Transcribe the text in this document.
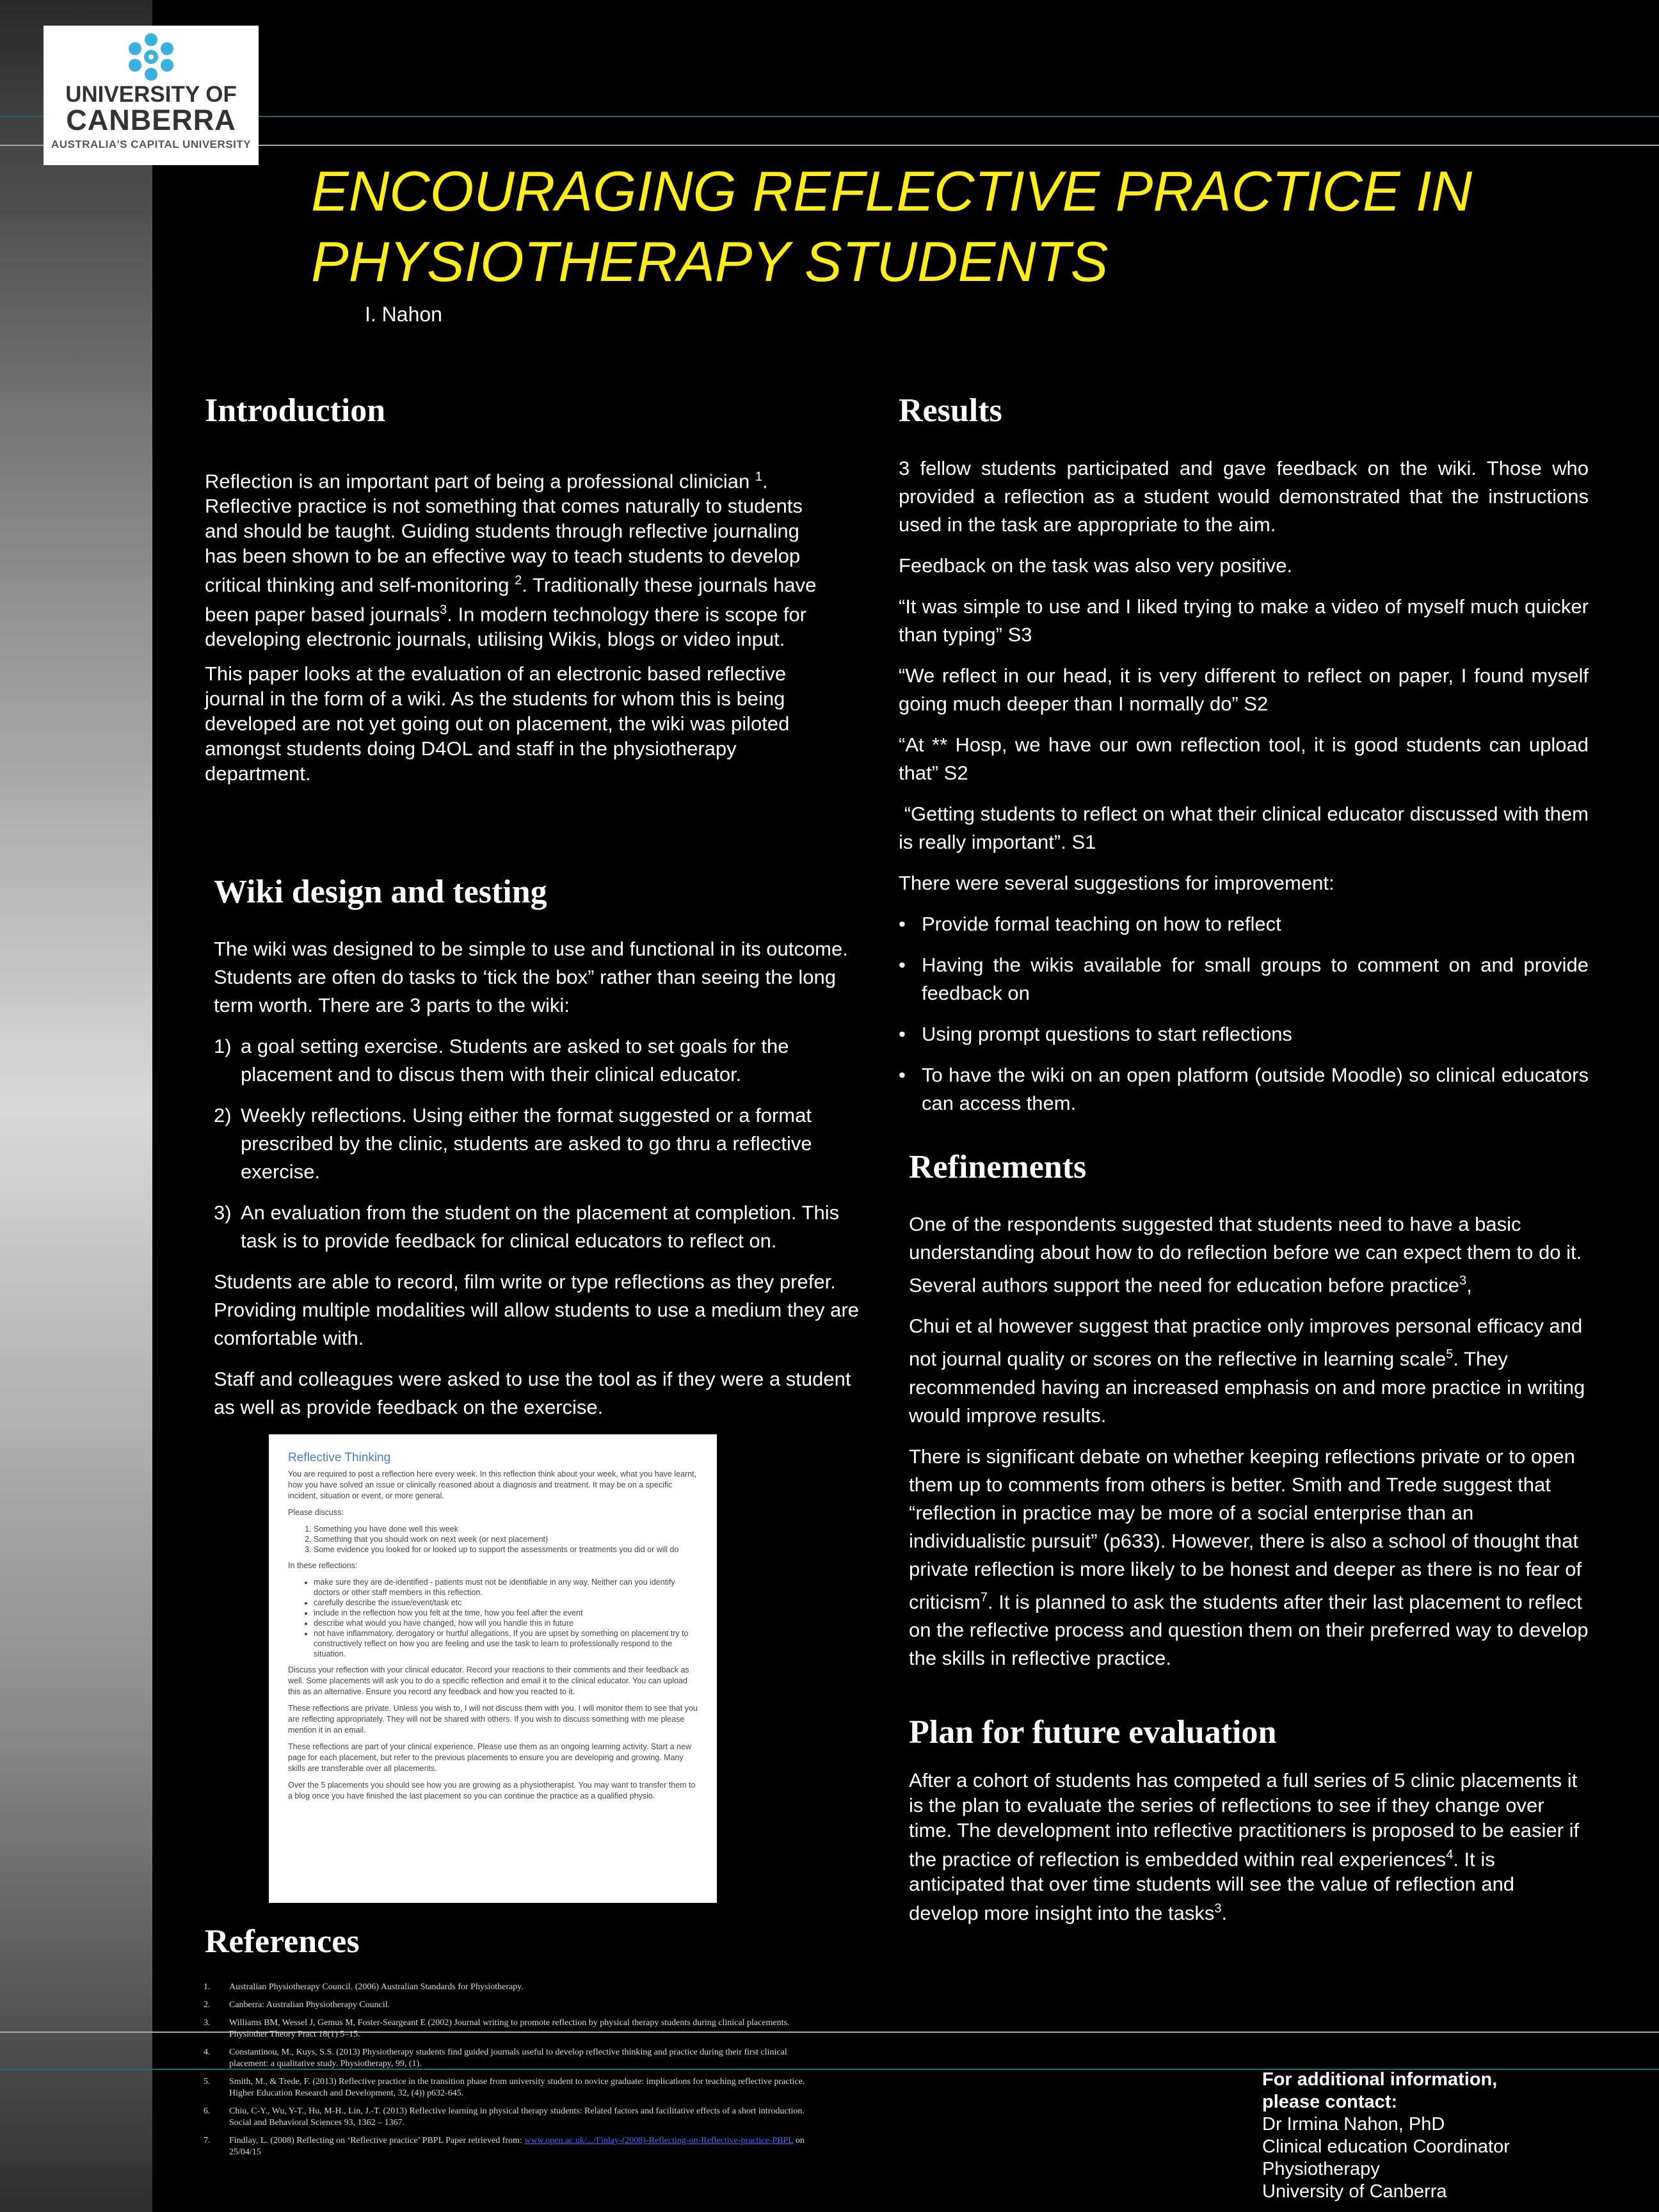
UNIVERSITY OF
CANBERRA
AUSTRALIA'S CAPITAL UNIVERSITY
ENCOURAGING REFLECTIVE PRACTICE IN
PHYSIOTHERAPY STUDENTS
I. Nahon
Introduction

Reflection is an important part of being a professional clinician $^1$. Reflective practice is not something that comes naturally to students and should be taught. Guiding students through reflective journaling has been shown to be an effective way to teach students to develop critical thinking and self-monitoring $^2$. Traditionally these journals have been paper based journals$^3$. In modern technology there is scope for developing electronic journals, utilising Wikis, blogs or video input.

This paper looks at the evaluation of an electronic based reflective journal in the form of a wiki. As the students for whom this is being developed are not yet going out on placement, the wiki was piloted amongst students doing D4OL and staff in the physiotherapy department.

Wiki design and testing

The wiki was designed to be simple to use and functional in its outcome. Students are often do tasks to ‘tick the box” rather than seeing the long term worth. There are 3 parts to the wiki:

1) a goal setting exercise. Students are asked to set goals for the placement and to discus them with their clinical educator.
2) Weekly reflections. Using either the format suggested or a format prescribed by the clinic, students are asked to go thru a reflective exercise.
3) An evaluation from the student on the placement at completion. This task is to provide feedback for clinical educators to reflect on.

Students are able to record, film write or type reflections as they prefer. Providing multiple modalities will allow students to use a medium they are comfortable with.

Staff and colleagues were asked to use the tool as if they were a student as well as provide feedback on the exercise.

Reflective Thinking

You are required to post a reflection here every week. In this reflection think about your week, what you have learnt, how you have solved an issue or clinically reasoned about a diagnosis and treatment. It may be on a specific incident, situation or event, or more general.

Please discuss:

1. Something you have done well this week
2. Something that you should work on next week (or next placement)
3. Some evidence you looked for or looked up to support the assessments or treatments you did or will do

In these reflections:

• make sure they are de-identified - patients must not be identifiable in any way. Neither can you identify doctors or other staff members in this reflection.
• carefully describe the issue/event/task etc
• include in the reflection how you felt at the time, how you feel after the event
• describe what would you have changed, how will you handle this in future
• not have inflammatory, derogatory or hurtful allegations. If you are upset by something on placement try to constructively reflect on how you are feeling and use the task to learn to professionally respond to the situation.

Discuss your reflection with your clinical educator. Record your reactions to their comments and their feedback as well. Some placements will ask you to do a specific reflection and email it to the clinical educator. You can upload this as an alternative. Ensure you record any feedback and how you reacted to it.

These reflections are private. Unless you wish to, I will not discuss them with you. I will monitor them to see that you are reflecting appropriately. They will not be shared with others. If you wish to discuss something with me please mention it in an email.

These reflections are part of your clinical experience. Please use them as an ongoing learning activity. Start a new page for each placement, but refer to the previous placements to ensure you are developing and growing. Many skills are transferable over all placements.

Over the 5 placements you should see how you are growing as a physiotherapist. You may want to transfer them to a blog once you have finished the last placement so you can continue the practice as a qualified physio.

References
1. Australian Physiotherapy Council. (2006) Australian Standards for Physiotherapy.
2. Canberra: Australian Physiotherapy Council.
3. Williams BM, Wessel J, Gemus M, Foster-Seargeant E (2002) Journal writing to promote reflection by physical therapy students during clinical placements. Physiother Theory Pract 18(1) 5–15.
4. Constantinou, M., Kuys, S.S. (2013) Physiotherapy students find guided journals useful to develop reflective thinking and practice during their first clinical placement: a qualitative study. Physiotherapy, 99, (1).
5. Smith, M., & Trede, F. (2013) Reflective practice in the transition phase from university student to novice graduate: implications for teaching reflective practice. Higher Education Research and Development, 32, (4)) p632-645.
6. Chiu, C-Y., Wu, Y-T., Hu, M-H., Lin, J.-T. (2013) Reflective learning in physical therapy students: Related factors and facilitative effects of a short introduction. Social and Behavioral Sciences 93, 1362 – 1367.
7. Findlay, L. (2008) Reflecting on ‘Reflective practice’ PBPL Paper retrieved from: www.open.ac.uk/.../Finlay-(2008)-Reflecting-on-Reflective-practice-PBPL on 25/04/15
Results

3 fellow students participated and gave feedback on the wiki. Those who provided a reflection as a student would demonstrated that the instructions used in the task are appropriate to the aim.

Feedback on the task was also very positive.

“It was simple to use and I liked trying to make a video of myself much quicker than typing” S3

“We reflect in our head, it is very different to reflect on paper, I found myself going much deeper than I normally do” S2

“At ** Hosp, we have our own reflection tool, it is good students can upload that” S2

“Getting students to reflect on what their clinical educator discussed with them is really important”. S1

There were several suggestions for improvement:

• Provide formal teaching on how to reflect
• Having the wikis available for small groups to comment on and provide feedback on
• Using prompt questions to start reflections
• To have the wiki on an open platform (outside Moodle) so clinical educators can access them.
Refinements

One of the respondents suggested that students need to have a basic understanding about how to do reflection before we can expect them to do it. Several authors support the need for education before practice$^3$,

Chui et al however suggest that practice only improves personal efficacy and not journal quality or scores on the reflective in learning scale$^5$. They recommended having an increased emphasis on and more practice in writing would improve results.

There is significant debate on whether keeping reflections private or to open them up to comments from others is better. Smith and Trede suggest that “reflection in practice may be more of a social enterprise than an individualistic pursuit” (p633). However, there is also a school of thought that private reflection is more likely to be honest and deeper as there is no fear of criticism$^7$. It is planned to ask the students after their last placement to reflect on the reflective process and question them on their preferred way to develop the skills in reflective practice.

Plan for future evaluation

After a cohort of students has competed a full series of 5 clinic placements it is the plan to evaluate the series of reflections to see if they change over time. The development into reflective practitioners is proposed to be easier if the practice of reflection is embedded within real experiences$^4$. It is anticipated that over time students will see the value of reflection and develop more insight into the tasks$^3$.

For additional information,
please contact:
Dr Irmina Nahon, PhD
Clinical education Coordinator
Physiotherapy
University of Canberra
